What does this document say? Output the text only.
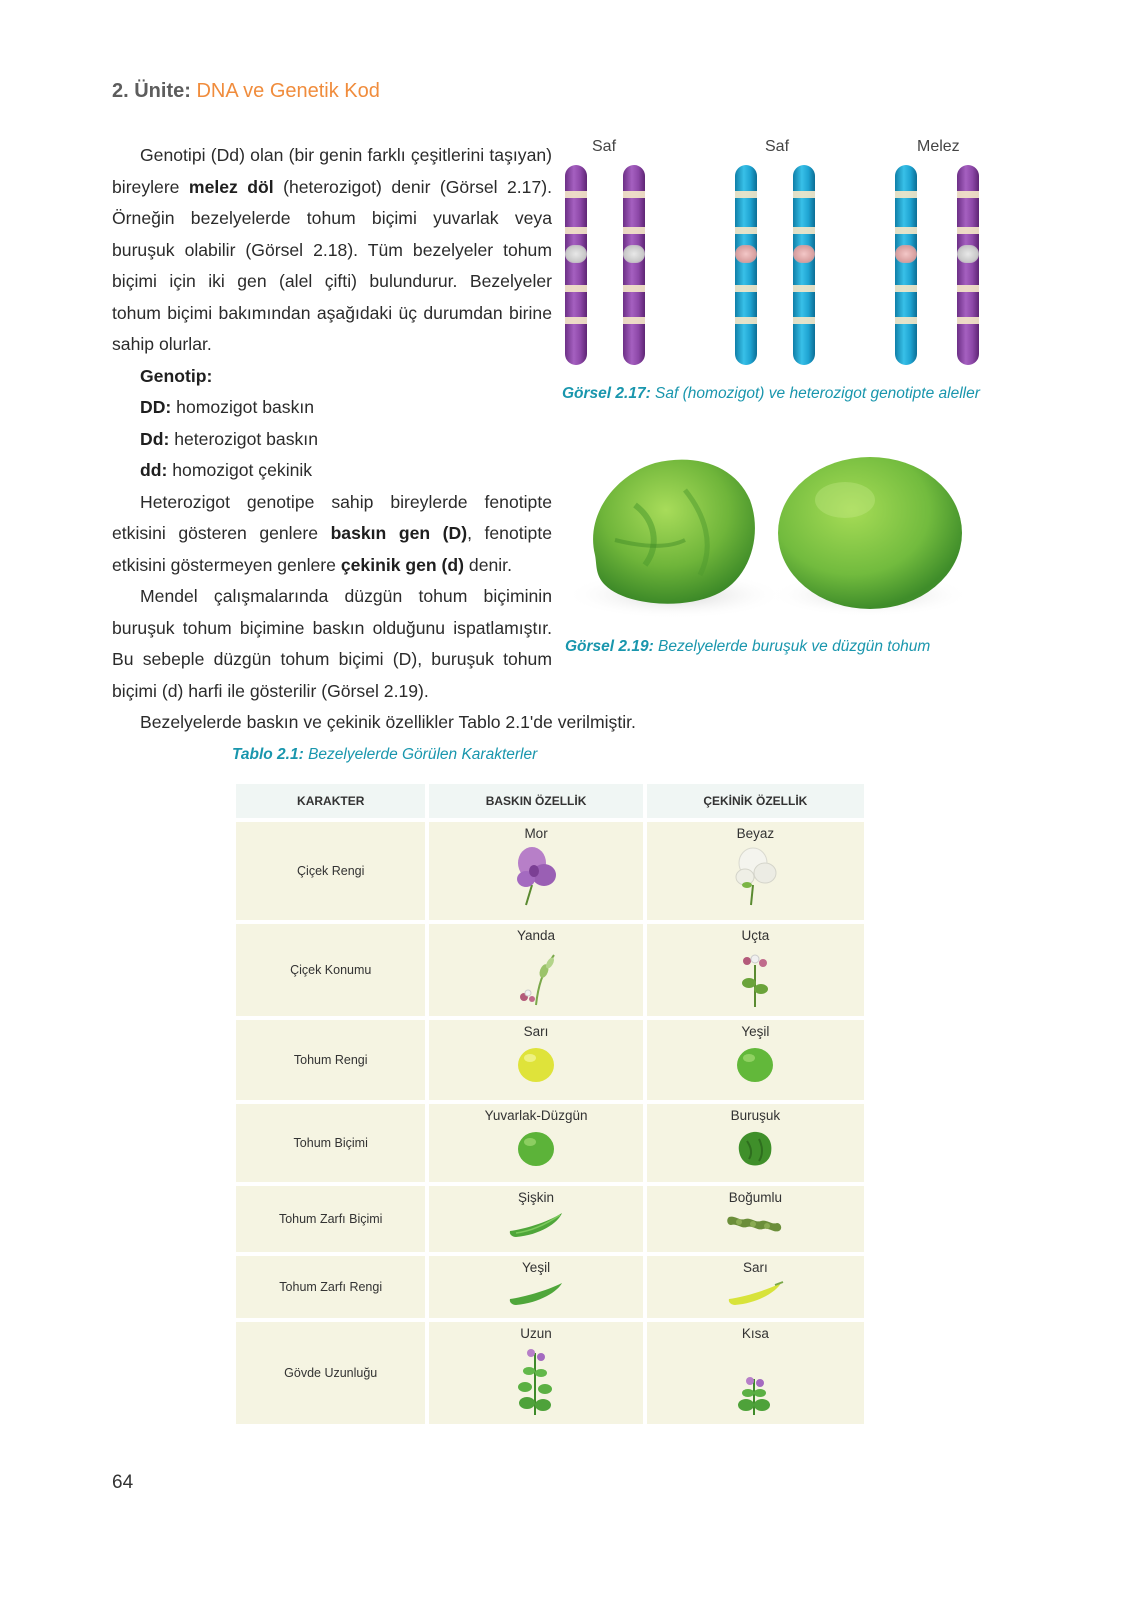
2. Ünite: DNA ve Genetik Kod

Genotipi (Dd) olan (bir genin farklı çeşitlerini taşıyan) bireylere melez döl (heterozigot) denir (Görsel 2.17). Örneğin bezelyelerde tohum biçimi yuvarlak veya buruşuk olabilir (Görsel 2.18). Tüm bezelyeler tohum biçimi için iki gen (alel çifti) bulundurur. Bezelyeler tohum biçimi bakımından aşağıdaki üç durumdan birine sahip olurlar.

Genotip:

DD: homozigot baskın

Dd: heterozigot baskın

dd: homozigot çekinik

Heterozigot genotipe sahip bireylerde fenotipte etkisini gösteren genlere baskın gen (D), fenotipte etkisini göstermeyen genlere çekinik gen (d) denir.

Mendel çalışmalarında düzgün tohum biçiminin buruşuk tohum biçimine baskın olduğunu ispatlamıştır. Bu sebeple düzgün tohum biçimi (D), buruşuk tohum biçimi (d) harfi ile gösterilir (Görsel 2.19).

Bezelyelerde baskın ve çekinik özellikler Tablo 2.1'de verilmiştir.
Saf	Saf	Melez
Görsel 2.17: Saf (homozigot) ve heterozigot genotipte aleller
Görsel 2.19: Bezelyelerde buruşuk ve düzgün tohum
Tablo 2.1: Bezelyelerde Görülen Karakterler
KARAKTER	BASKIN ÖZELLİK	ÇEKİNİK ÖZELLİK
Çiçek Rengi	Mor	Beyaz

Çiçek Konumu	Yanda	Uçta

Tohum Rengi	Sarı	Yeşil

Tohum Biçimi	Yuvarlak-Düzgün	Buruşuk

Tohum Zarfı Biçimi	Şişkin	Boğumlu

Tohum Zarfı Rengi	Yeşil	Sarı

Gövde Uzunluğu	Uzun	Kısa
64
